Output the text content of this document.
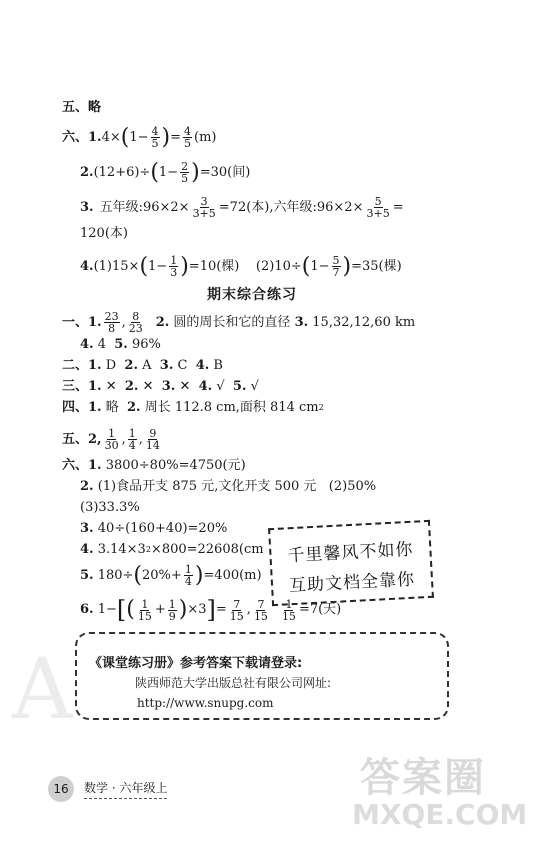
五、略
六、1. 4× ( $1- \frac{4}{5}$ ) = $\frac{4}{5} (m)$
2. (12+6)÷ ( $1- \frac{2}{5}$ ) =30(间)
3. 五年级:96×2× $\frac{3}{3+5} =72$(本),六年级:96×2× $\frac{5}{3+5}$ =
120(本)
4. (1)15× ( $1- \frac{1}{3}$ ) =10(棵)    (2)10÷ ( $1- \frac{5}{7}$ ) =35(棵)
期末综合练习
一、1. $\frac{23}{8}$ , $\frac{8}{23} 2$. 圆的周长和它的直径 3. 15,32,12,60 km
4. 4 5. 96%
二、1. D 2. A 3. C 4. B
三、1. ✕ 2. ✕ 3. ✕ 4. √ 5. √
四、1. 略 2. 周长 112.8 cm,面积 814 cm 2
五、2, $\frac{1}{30}$ , $\frac{1}{4}$ , $\frac{9}{14}$
六、1. 3800÷80%=4750(元)
2. (1)食品开支 875 元,文化开支 500 元   (2)50%
(3)33.3%
3. 40÷(160+40)=20%
4. 3.14×3 2 ×800=22608(cm
5. 180÷ ( $20\%+ \frac{1}{4}$ ) =400(m)
6. 1− [ ( $\frac{1}{15} + \frac{1}{9}$ ) ×3 ] = $\frac{7}{15}$ , $\frac{7}{15} \frac{1}{15} =7$(天)
千里馨风不如你
互助文档全靠你
A 《课堂练习册》参考答案下载请登录:
陕西师范大学出版总社有限公司网址:
http://www.snupg.com
16	数学 · 六年级上	答案圈
MXQE.COM
